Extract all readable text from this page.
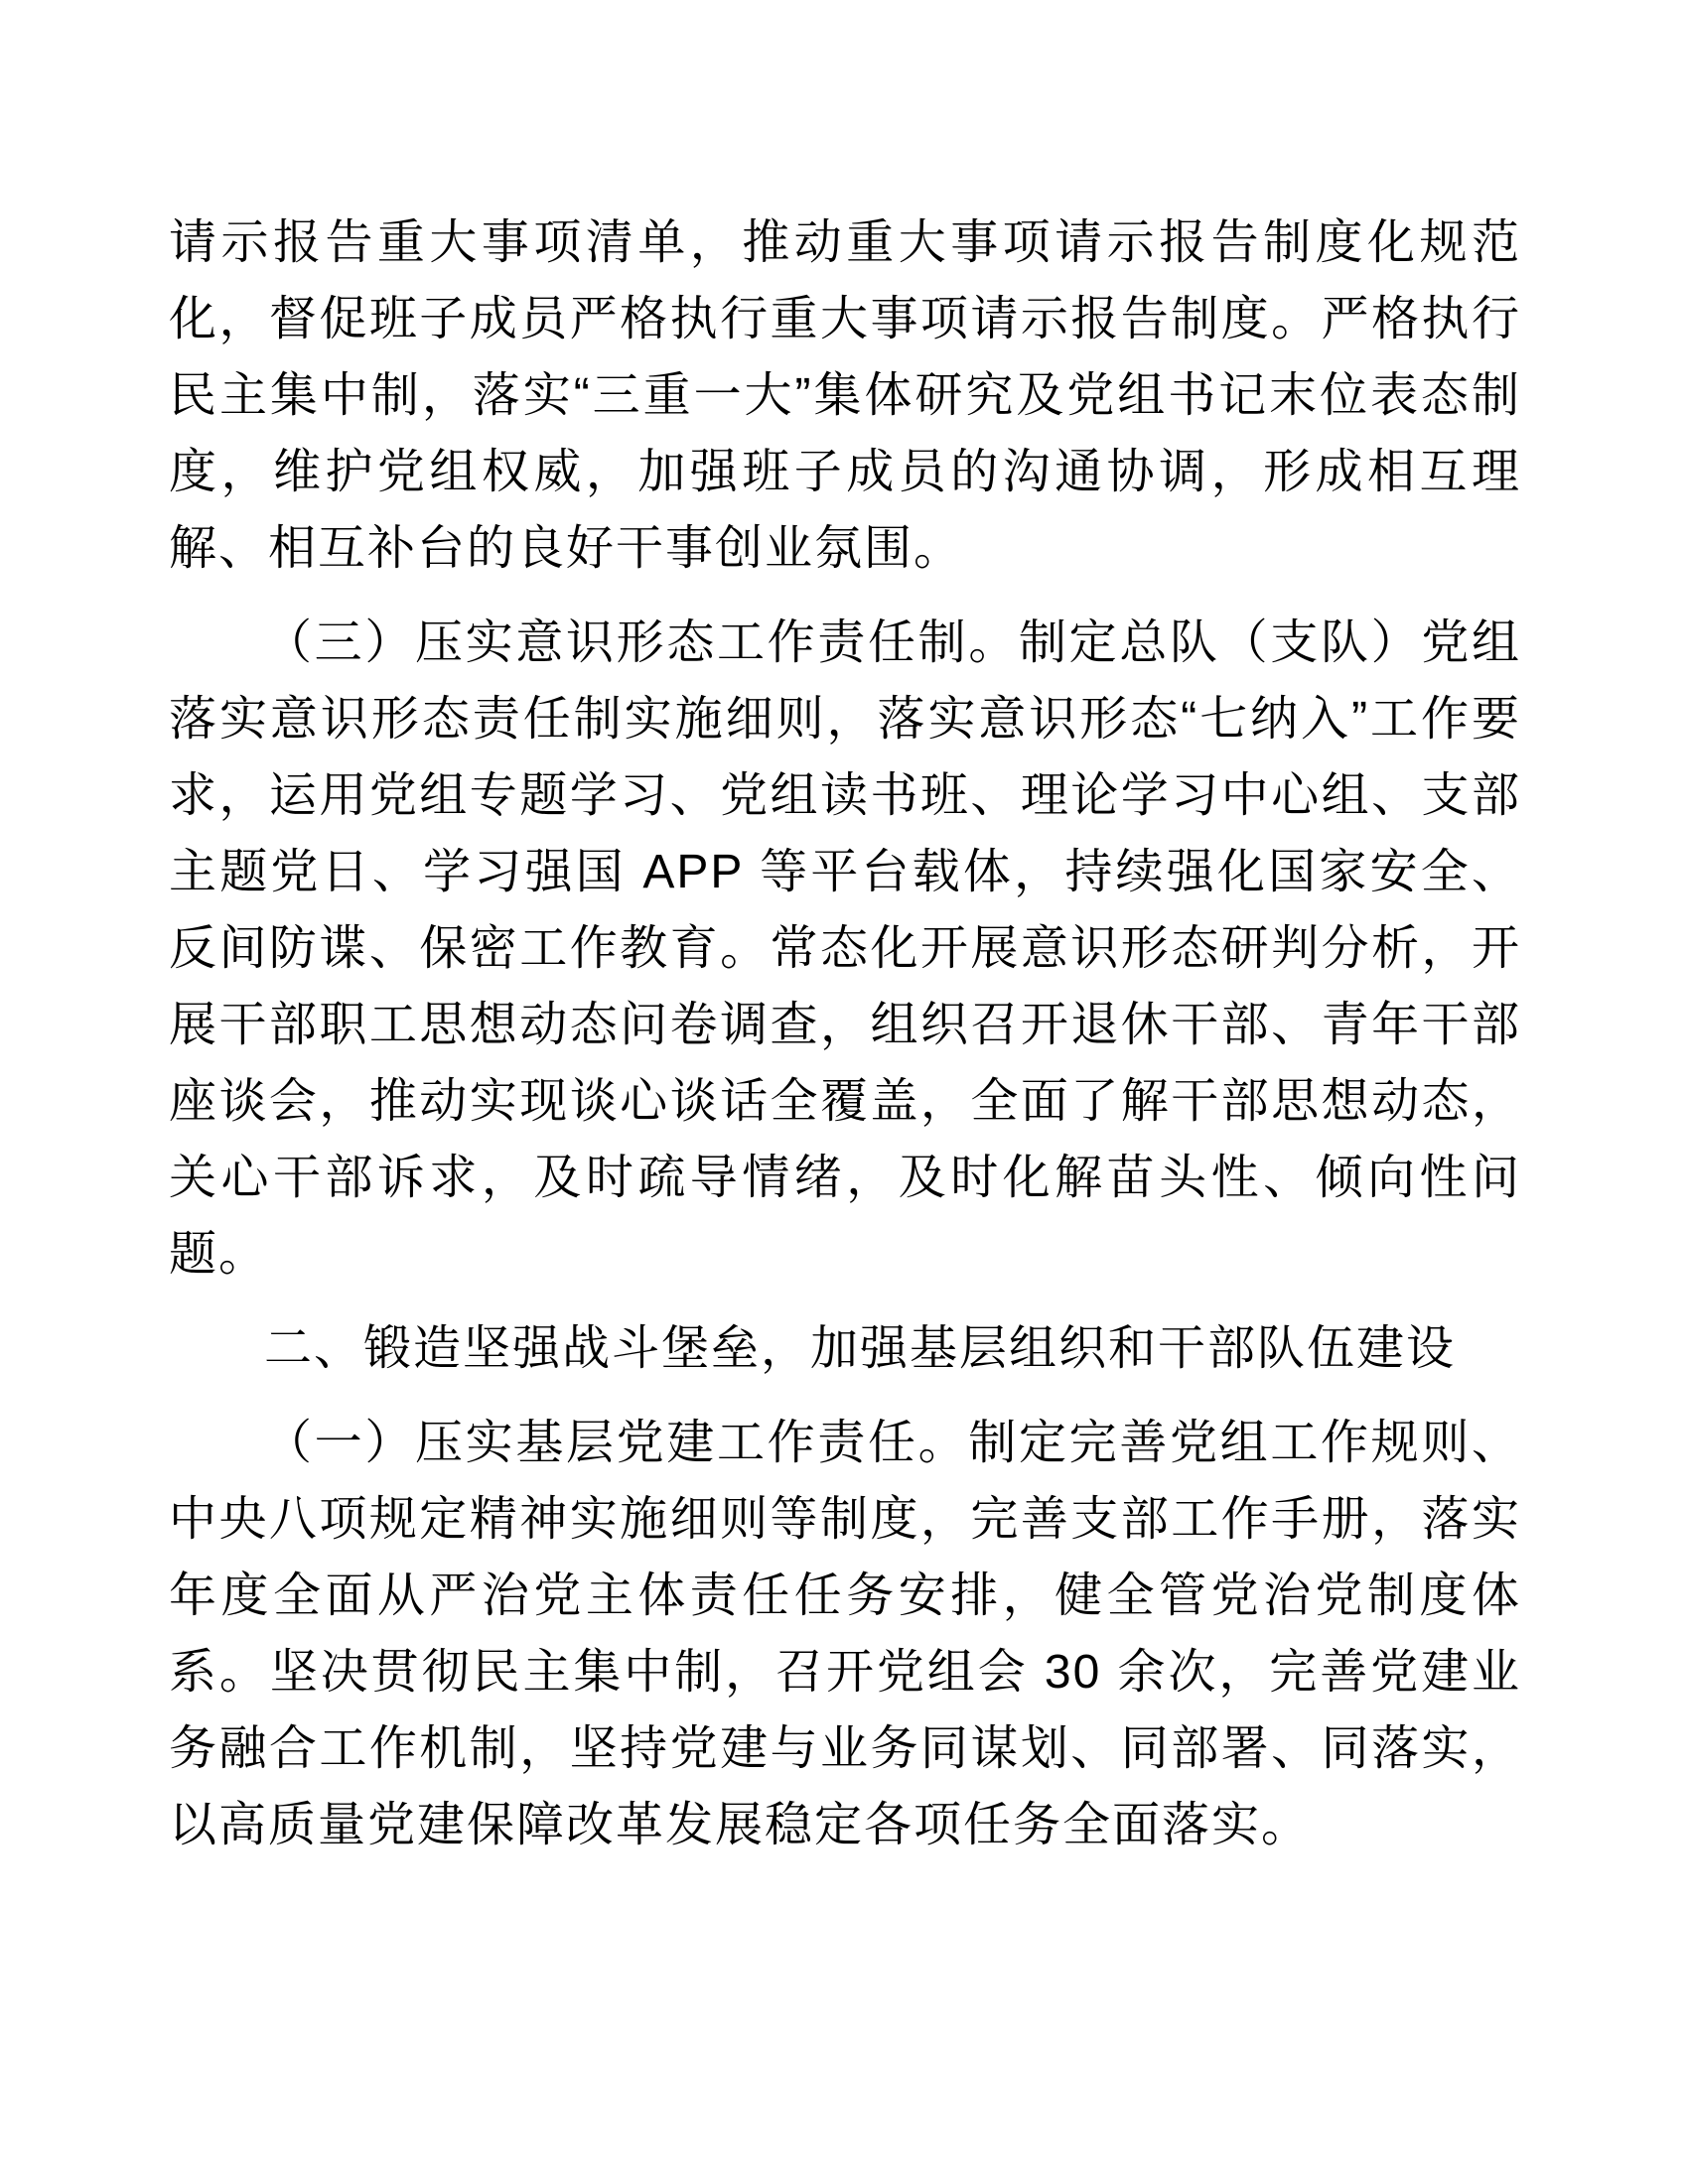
请示报告重大事项清单，推动重大事项请示报告制度化规范化，督促班子成员严格执行重大事项请示报告制度。严格执行民主集中制，落实“三重一大”集体研究及党组书记末位表态制度，维护党组权威，加强班子成员的沟通协调，形成相互理解、相互补台的良好干事创业氛围。

（三）压实意识形态工作责任制。制定总队（支队）党组落实意识形态责任制实施细则，落实意识形态“七纳入”工作要求，运用党组专题学习、党组读书班、理论学习中心组、支部主题党日、学习强国 APP 等平台载体，持续强化国家安全、反间防谍、保密工作教育。常态化开展意识形态研判分析，开展干部职工思想动态问卷调查，组织召开退休干部、青年干部座谈会，推动实现谈心谈话全覆盖，全面了解干部思想动态，关心干部诉求，及时疏导情绪，及时化解苗头性、倾向性问题。

二、锻造坚强战斗堡垒，加强基层组织和干部队伍建设

（一）压实基层党建工作责任。制定完善党组工作规则、中央八项规定精神实施细则等制度，完善支部工作手册，落实年度全面从严治党主体责任任务安排，健全管党治党制度体系。坚决贯彻民主集中制，召开党组会 30 余次，完善党建业务融合工作机制，坚持党建与业务同谋划、同部署、同落实，以高质量党建保障改革发展稳定各项任务全面落实。
